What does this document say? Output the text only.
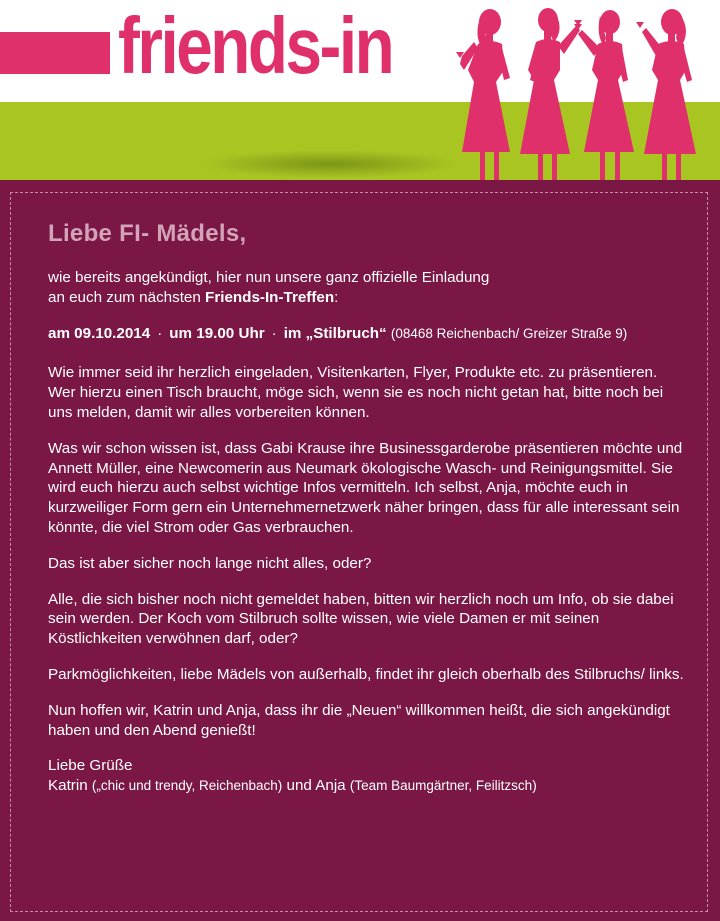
friends-in
Liebe FI- Mädels,

wie bereits angekündigt, hier nun unsere ganz offizielle Einladung
an euch zum nächsten Friends-In-Treffen:

am 09.10.2014 · um 19.00 Uhr · im „Stilbruch“ (08468 Reichenbach/ Greizer Straße 9)

Wie immer seid ihr herzlich eingeladen, Visitenkarten, Flyer, Produkte etc. zu präsentieren. Wer hierzu einen Tisch braucht, möge sich, wenn sie es noch nicht getan hat, bitte noch bei uns melden, damit wir alles vorbereiten können.

Was wir schon wissen ist, dass Gabi Krause ihre Businessgarderobe präsentieren möchte und Annett Müller, eine Newcomerin aus Neumark ökologische Wasch- und Reinigungsmittel. Sie wird euch hierzu auch selbst wichtige Infos vermitteln. Ich selbst, Anja, möchte euch in kurzweiliger Form gern ein Unternehmernetzwerk näher bringen, dass für alle interessant sein könnte, die viel Strom oder Gas verbrauchen.

Das ist aber sicher noch lange nicht alles, oder?

Alle, die sich bisher noch nicht gemeldet haben, bitten wir herzlich noch um Info, ob sie dabei sein werden. Der Koch vom Stilbruch sollte wissen, wie viele Damen er mit seinen Köstlichkeiten verwöhnen darf, oder?

Parkmöglichkeiten, liebe Mädels von außerhalb, findet ihr gleich oberhalb des Stilbruchs/ links.

Nun hoffen wir, Katrin und Anja, dass ihr die „Neuen“ willkommen heißt, die sich angekündigt haben und den Abend genießt!

Liebe Grüße

Katrin („chic und trendy, Reichenbach) und Anja (Team Baumgärtner, Feilitzsch)
